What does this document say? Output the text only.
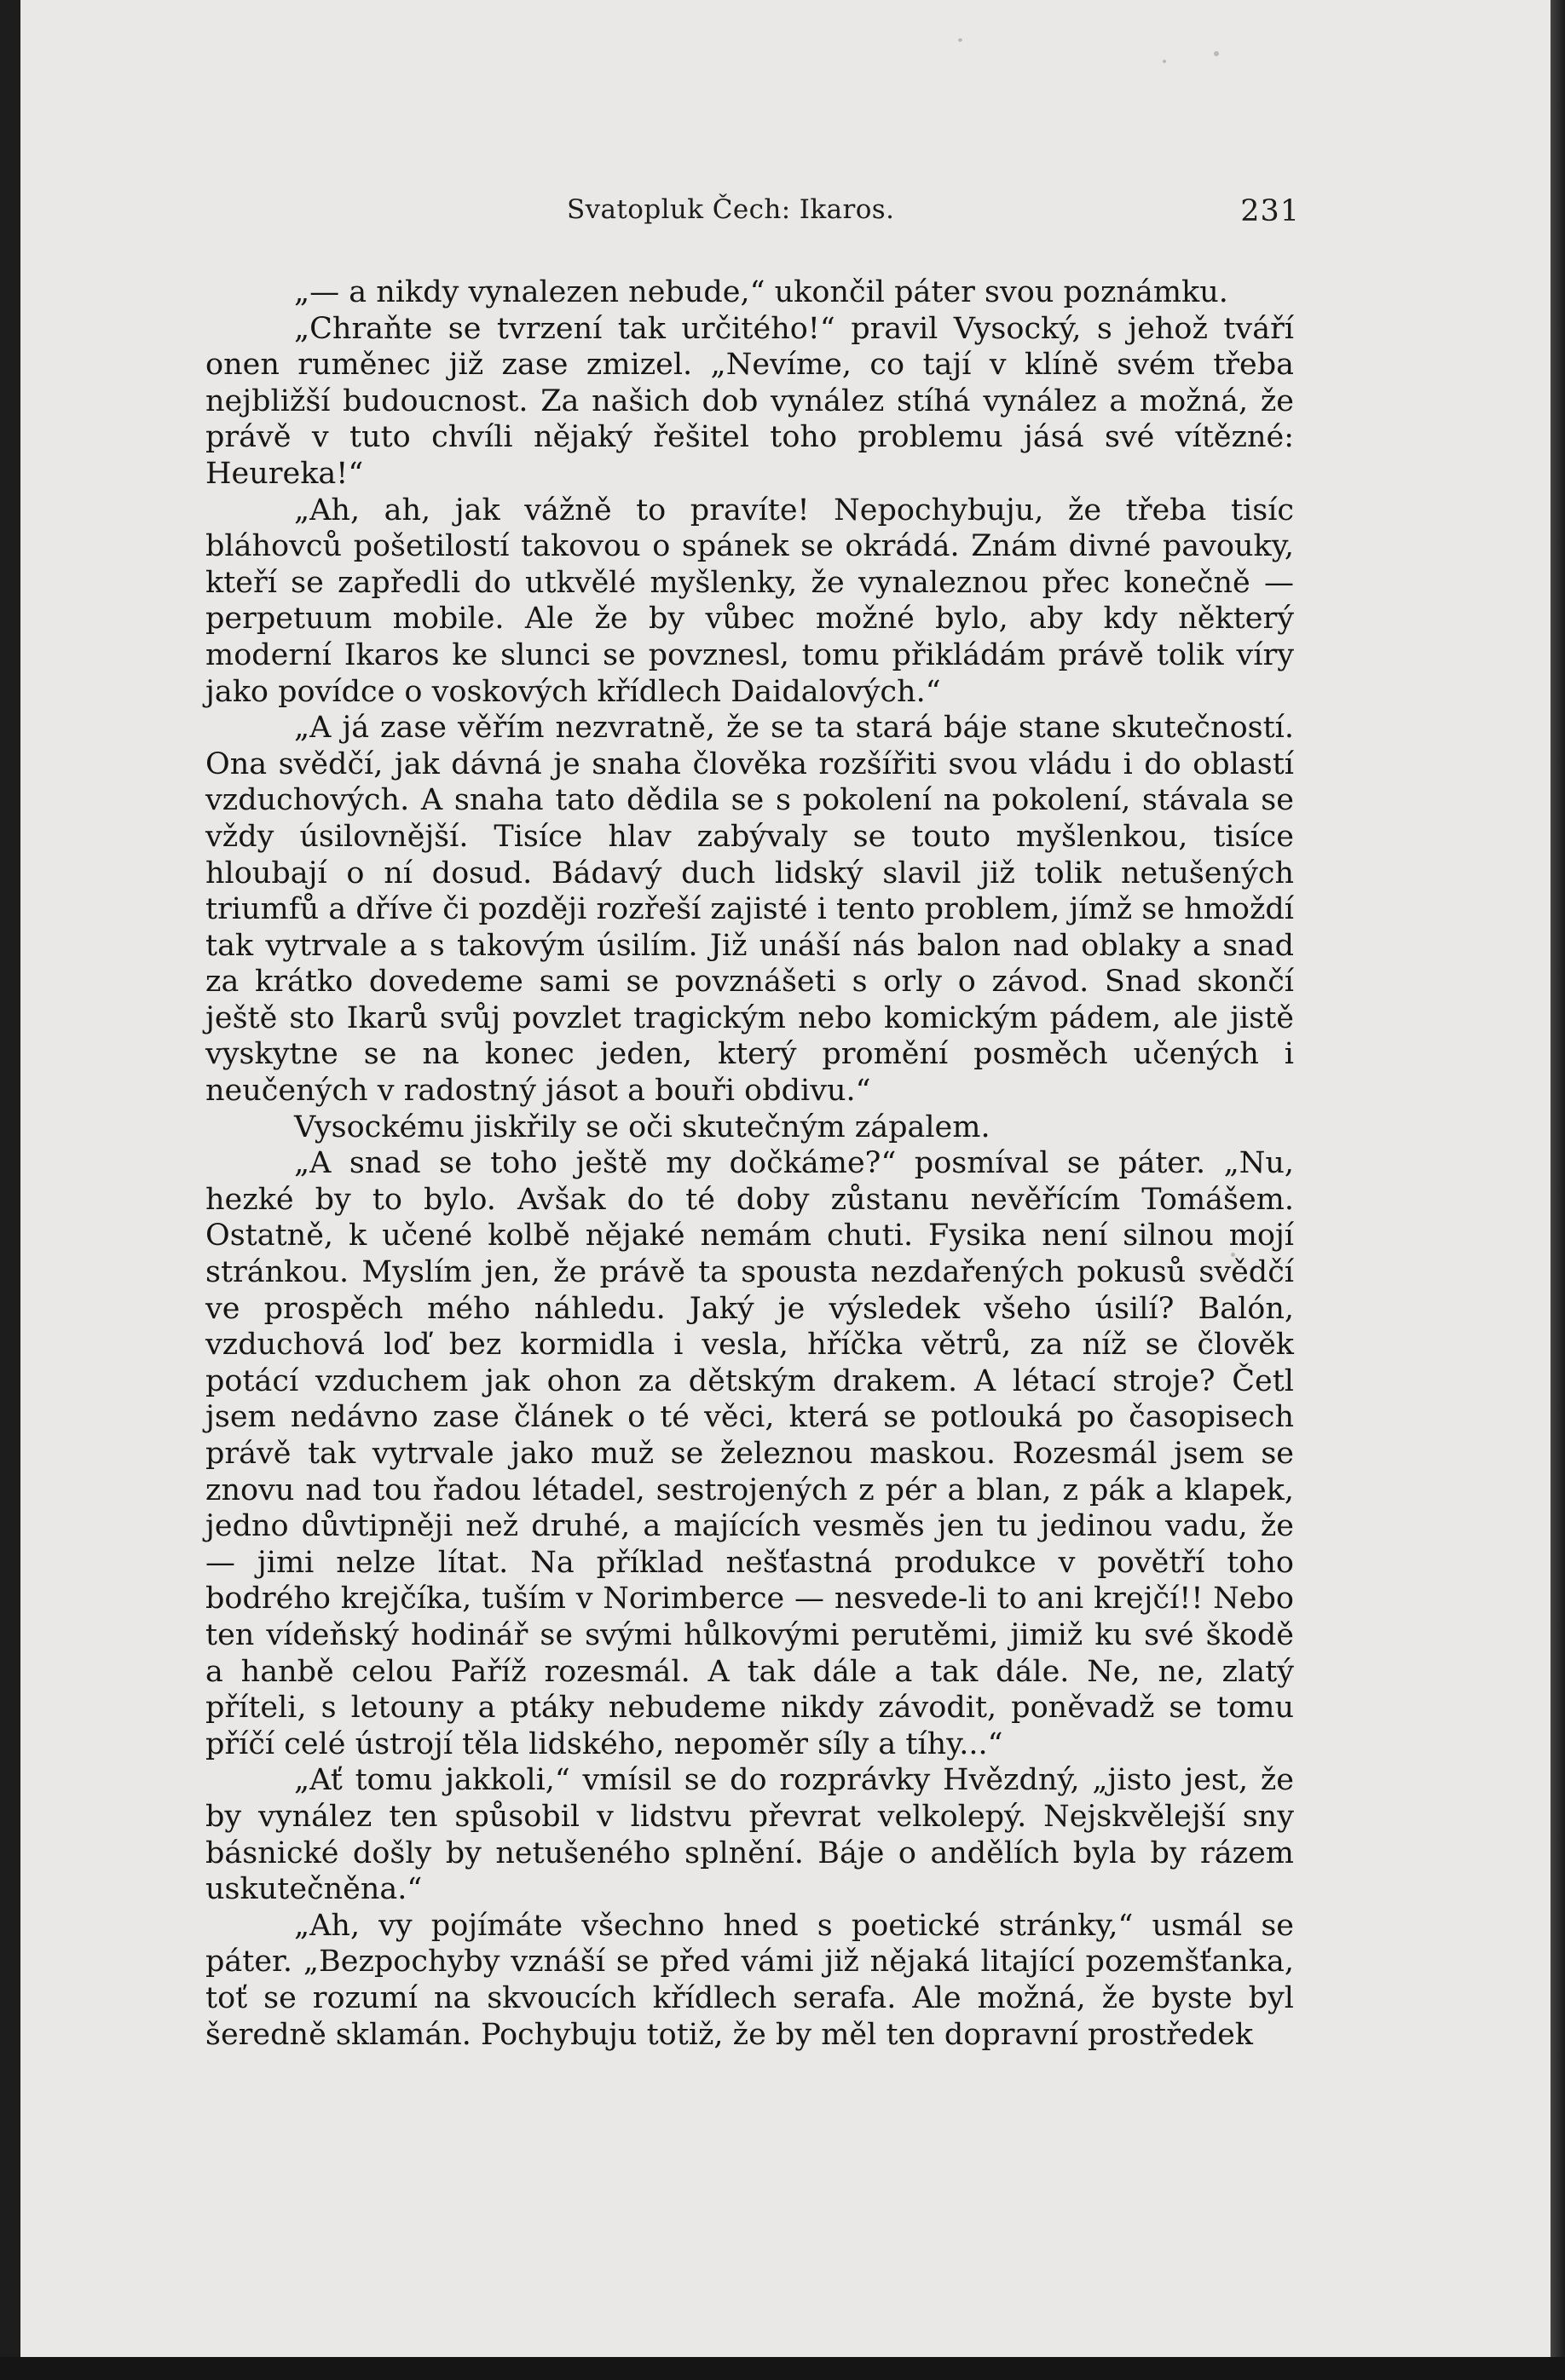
Svatopluk Čech: Ikaros.	231

„— a nikdy vynalezen nebude,“ ukončil páter svou poznámku.

„Chraňte se tvrzení tak určitého!“ pravil Vysocký, s jehož tváří onen ruměnec již zase zmizel. „Nevíme, co tají v klíně svém třeba nejbližší budoucnost. Za našich dob vynález stíhá vynález a možná, že právě v tuto chvíli nějaký řešitel toho problemu jásá své vítězné: Heureka!“

„Ah, ah, jak vážně to pravíte! Nepochybuju, že třeba tisíc bláhovců pošetilostí takovou o spánek se okrádá. Znám divné pavouky, kteří se zapředli do utkvělé myšlenky, že vynaleznou přec konečně — perpetuum mobile. Ale že by vůbec možné bylo, aby kdy některý moderní Ikaros ke slunci se povznesl, tomu přikládám právě tolik víry jako povídce o voskových křídlech Daidalových.“

„A já zase věřím nezvratně, že se ta stará báje stane skutečností. Ona svědčí, jak dávná je snaha člověka rozšířiti svou vládu i do oblastí vzduchových. A snaha tato dědila se s pokolení na pokolení, stávala se vždy úsilovnější. Tisíce hlav zabývaly se touto myšlenkou, tisíce hloubají o ní dosud. Bádavý duch lidský slavil již tolik netušených triumfů a dříve či později rozřeší zajisté i tento problem, jímž se hmoždí tak vytrvale a s takovým úsilím. Již unáší nás balon nad oblaky a snad za krátko dovedeme sami se povznášeti s orly o závod. Snad skončí ještě sto Ikarů svůj povzlet tragickým nebo komickým pádem, ale jistě vyskytne se na konec jeden, který promění posměch učených i neučených v radostný jásot a bouři obdivu.“

Vysockému jiskřily se oči skutečným zápalem.

„A snad se toho ještě my dočkáme?“ posmíval se páter. „Nu, hezké by to bylo. Avšak do té doby zůstanu nevěřícím Tomášem. Ostatně, k učené kolbě nějaké nemám chuti. Fysika není silnou mojí stránkou. Myslím jen, že právě ta spousta nezdařených pokusů svědčí ve prospěch mého náhledu. Jaký je výsledek všeho úsilí? Balón, vzduchová loď bez kormidla i vesla, hříčka větrů, za níž se člověk potácí vzduchem jak ohon za dětským drakem. A létací stroje? Četl jsem nedávno zase článek o té věci, která se potlouká po časopisech právě tak vytrvale jako muž se železnou maskou. Rozesmál jsem se znovu nad tou řadou létadel, sestrojených z pér a blan, z pák a klapek, jedno důvtipněji než druhé, a majících vesměs jen tu jedinou vadu, že — jimi nelze lítat. Na příklad nešťastná produkce v povětří toho bodrého krejčíka, tuším v Norimberce — nesvede-li to ani krejčí!! Nebo ten vídeňský hodinář se svými hůlkovými perutěmi, jimiž ku své škodě a hanbě celou Paříž rozesmál. A tak dále a tak dále. Ne, ne, zlatý příteli, s letouny a ptáky nebudeme nikdy závodit, poněvadž se tomu příčí celé ústrojí těla lidského, nepoměr síly a tíhy...“

„Ať tomu jakkoli,“ vmísil se do rozprávky Hvězdný, „jisto jest, že by vynález ten spůsobil v lidstvu převrat velkolepý. Nejskvělejší sny básnické došly by netušeného splnění. Báje o andělích byla by rázem uskutečněna.“

„Ah, vy pojímáte všechno hned s poetické stránky,“ usmál se páter. „Bezpochyby vznáší se před vámi již nějaká litající pozemšťanka, toť se rozumí na skvoucích křídlech serafa. Ale možná, že byste byl šeredně sklamán. Pochybuju totiž, že by měl ten dopravní prostředek
